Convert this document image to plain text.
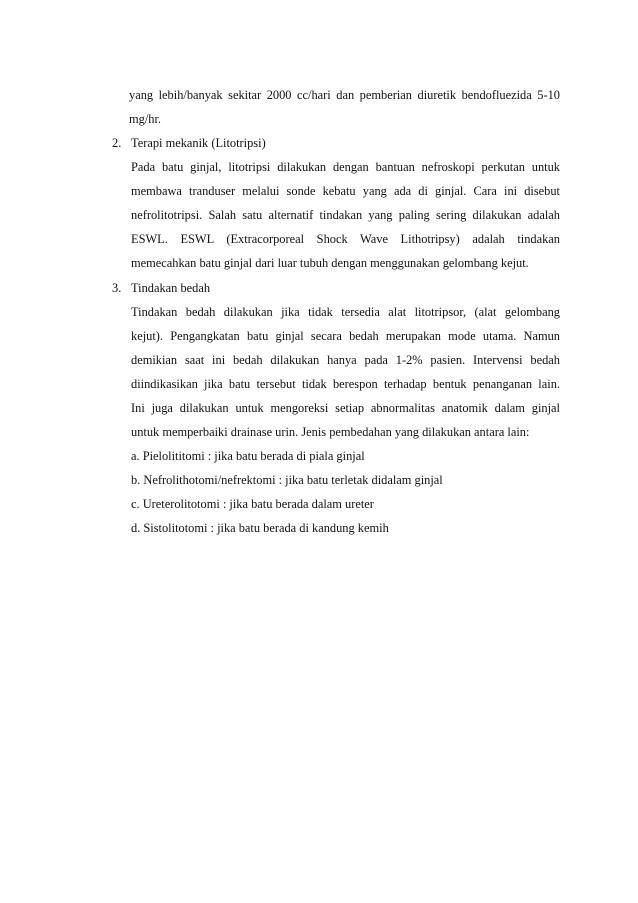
yang lebih/banyak sekitar 2000 cc/hari dan pemberian diuretik bendofluezida 5-10
mg/hr.
2. Terapi mekanik (Litotripsi)
Pada batu ginjal, litotripsi dilakukan dengan bantuan nefroskopi perkutan untuk
membawa tranduser melalui sonde kebatu yang ada di ginjal. Cara ini disebut
nefrolitotripsi. Salah satu alternatif tindakan yang paling sering dilakukan adalah
ESWL. ESWL (Extracorporeal Shock Wave Lithotripsy) adalah tindakan
memecahkan batu ginjal dari luar tubuh dengan menggunakan gelombang kejut.
3. Tindakan bedah
Tindakan bedah dilakukan jika tidak tersedia alat litotripsor, (alat gelombang
kejut). Pengangkatan batu ginjal secara bedah merupakan mode utama. Namun
demikian saat ini bedah dilakukan hanya pada 1-2% pasien. Intervensi bedah
diindikasikan jika batu tersebut tidak berespon terhadap bentuk penanganan lain.
Ini juga dilakukan untuk mengoreksi setiap abnormalitas anatomik dalam ginjal
untuk memperbaiki drainase urin. Jenis pembedahan yang dilakukan antara lain:
a. Pielolititomi : jika batu berada di piala ginjal
b. Nefrolithotomi/nefrektomi : jika batu terletak didalam ginjal
c. Ureterolitotomi : jika batu berada dalam ureter
d. Sistolitotomi : jika batu berada di kandung kemih
